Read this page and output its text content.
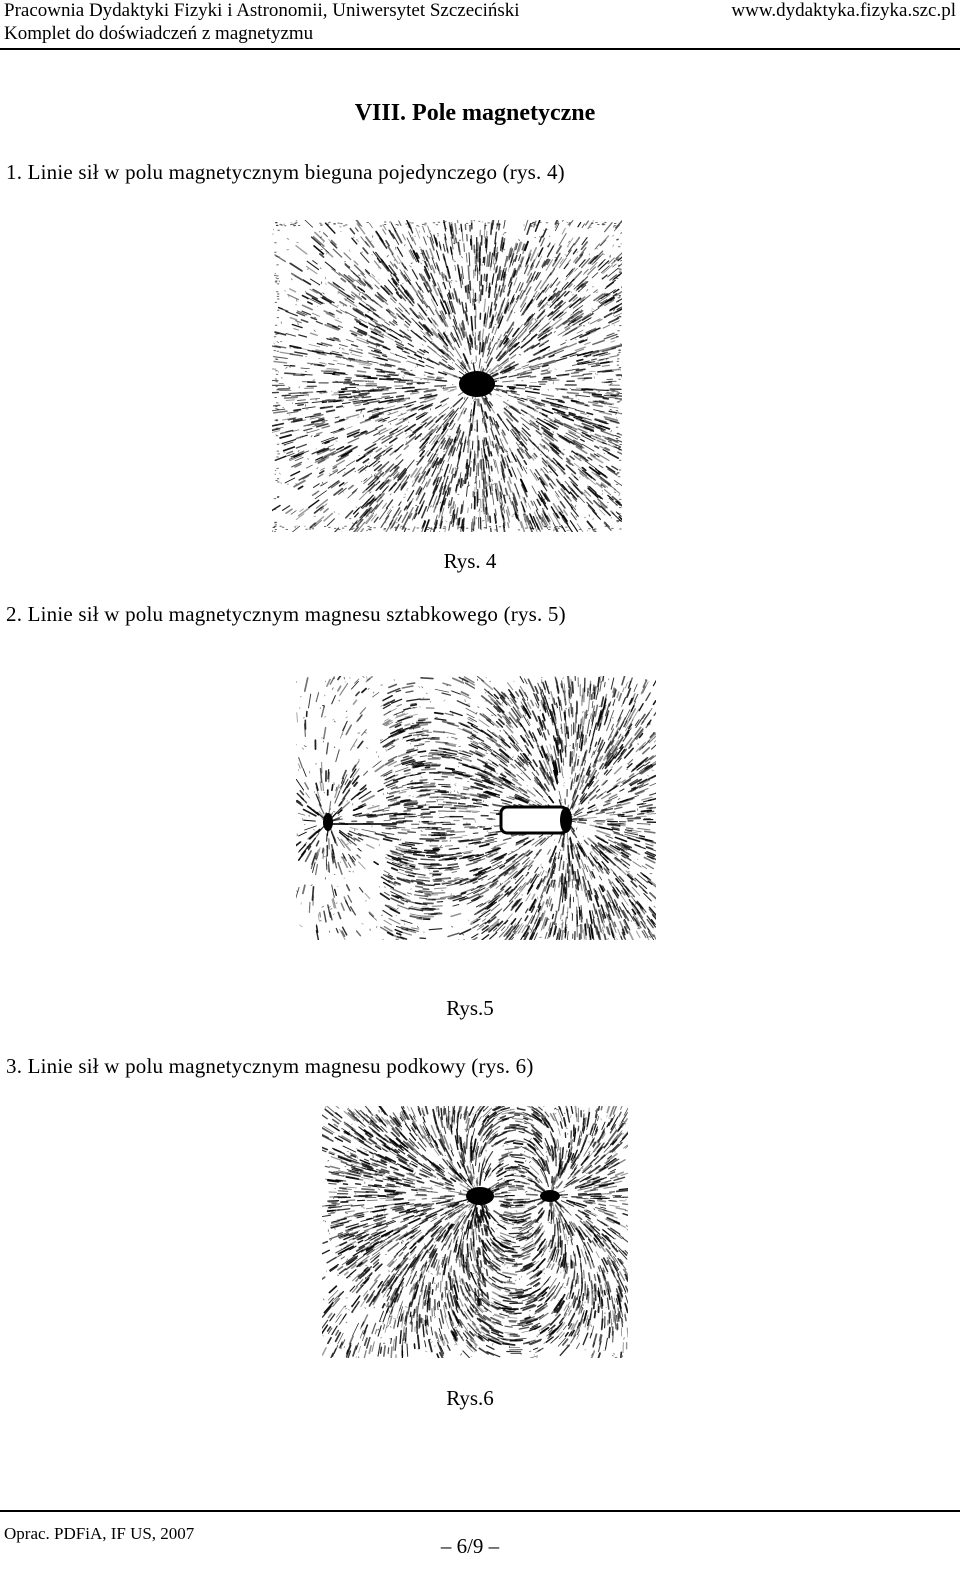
Pracownia Dydaktyki Fizyki i Astronomii, Uniwersytet Szczeciński
Komplet do doświadczeń z magnetyzmu
www.dydaktyka.fizyka.szc.pl
VIII. Pole magnetyczne
1. Linie sił w polu magnetycznym bieguna pojedynczego (rys. 4)
Rys. 4
2. Linie sił w polu magnetycznym magnesu sztabkowego (rys. 5)
Rys.5
3. Linie sił w polu magnetycznym magnesu podkowy (rys. 6)
Rys.6
Oprac. PDFiA, IF US, 2007
‒ 6/9 ‒
